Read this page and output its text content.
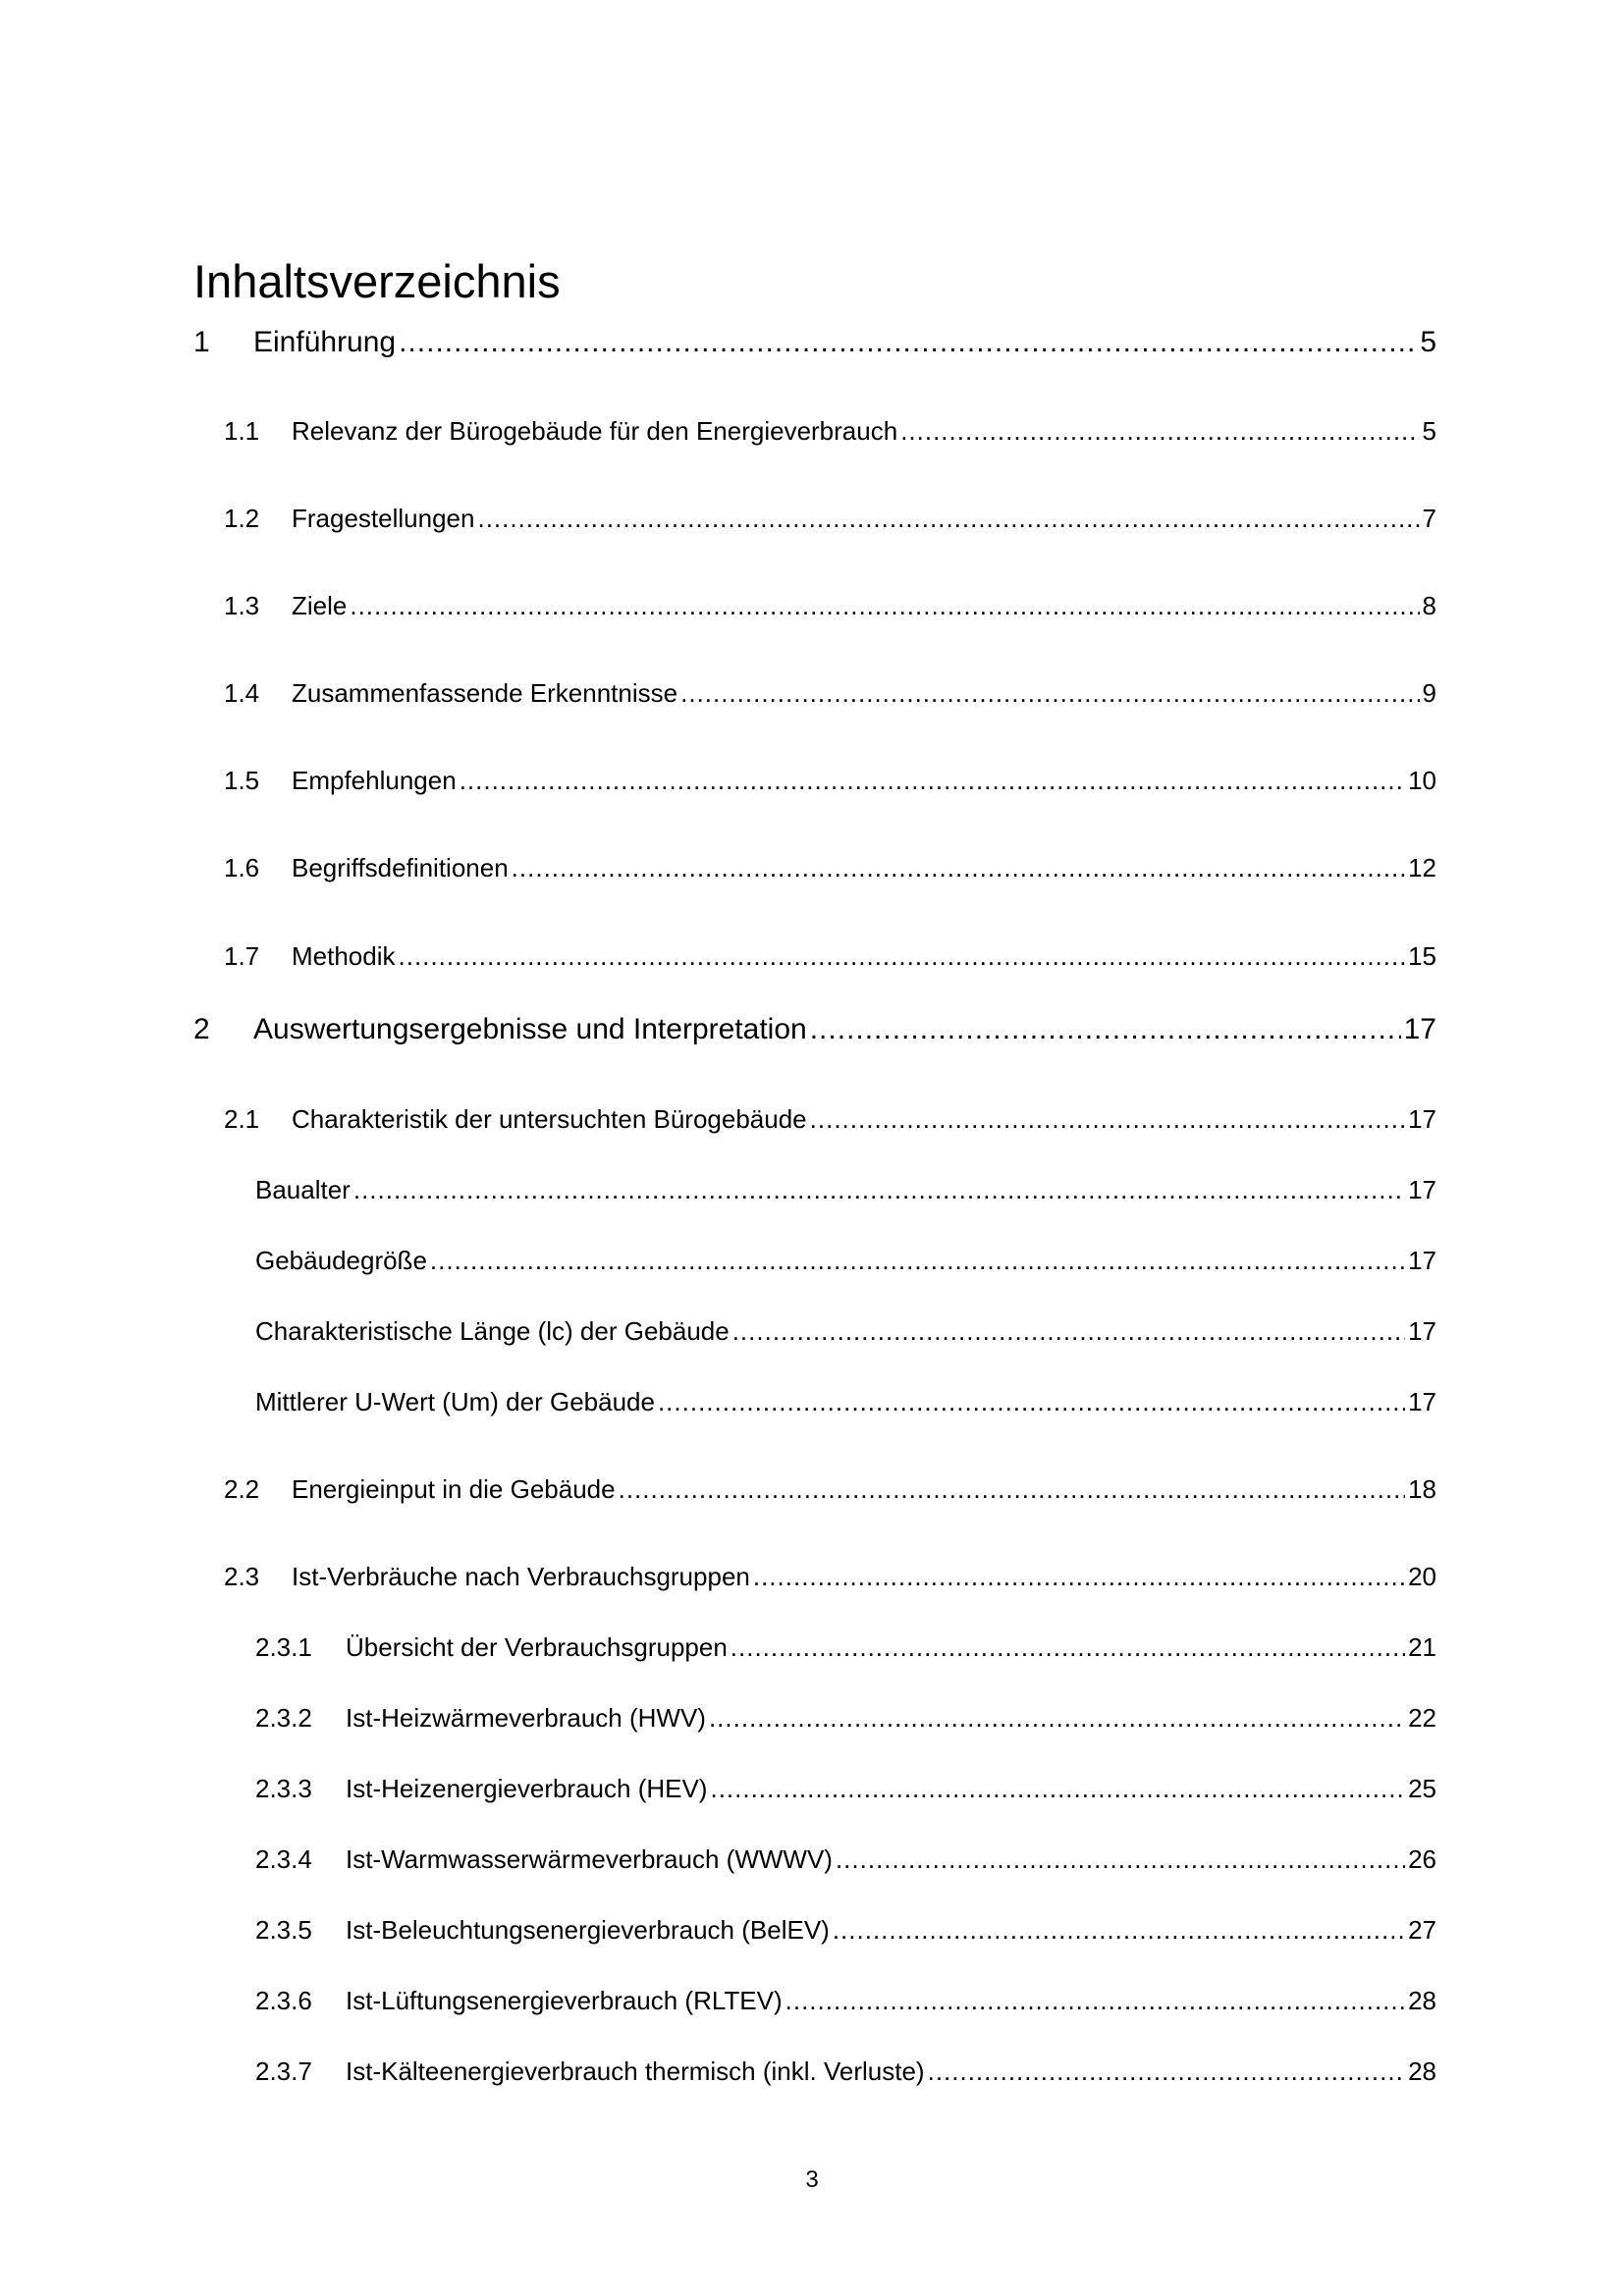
Inhaltsverzeichnis
1 Einführung .....	5
1.1 Relevanz der Bürogebäude für den Energieverbrauch .....	5
1.2 Fragestellungen .....	7
1.3 Ziele .....	8
1.4 Zusammenfassende Erkenntnisse .....	9
1.5 Empfehlungen .....	10
1.6 Begriffsdefinitionen .....	12
1.7 Methodik .....	15
2 Auswertungsergebnisse und Interpretation .....	17
2.1 Charakteristik der untersuchten Bürogebäude .....	17
Baualter .....	17
Gebäudegröße .....	17
Charakteristische Länge (lc) der Gebäude .....	17
Mittlerer U-Wert (Um) der Gebäude .....	17
2.2 Energieinput in die Gebäude .....	18
2.3 Ist-Verbräuche nach Verbrauchsgruppen .....	20
2.3.1 Übersicht der Verbrauchsgruppen .....	21
2.3.2 Ist-Heizwärmeverbrauch (HWV) .....	22
2.3.3 Ist-Heizenergieverbrauch (HEV) .....	25
2.3.4 Ist-Warmwasserwärmeverbrauch (WWWV) .....	26
2.3.5 Ist-Beleuchtungsenergieverbrauch (BelEV) .....	27
2.3.6 Ist-Lüftungsenergieverbrauch (RLTEV) .....	28
2.3.7 Ist-Kälteenergieverbrauch thermisch (inkl. Verluste) .....	28
3
